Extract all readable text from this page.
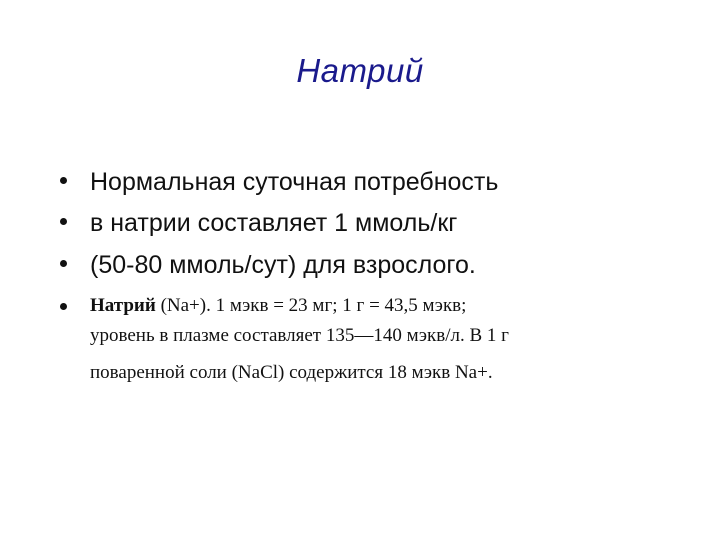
Натрий
Нормальная суточная потребность
в натрии составляет 1 ммоль/кг
(50-80 ммоль/сут) для взрослого.
Натрий (Na+). 1 мэкв = 23 мг; 1 г = 43,5 мэкв;
уровень в плазме составляет 135—140 мэкв/л. В 1 г
поваренной соли (NaCl) содержится 18 мэкв Na+.
